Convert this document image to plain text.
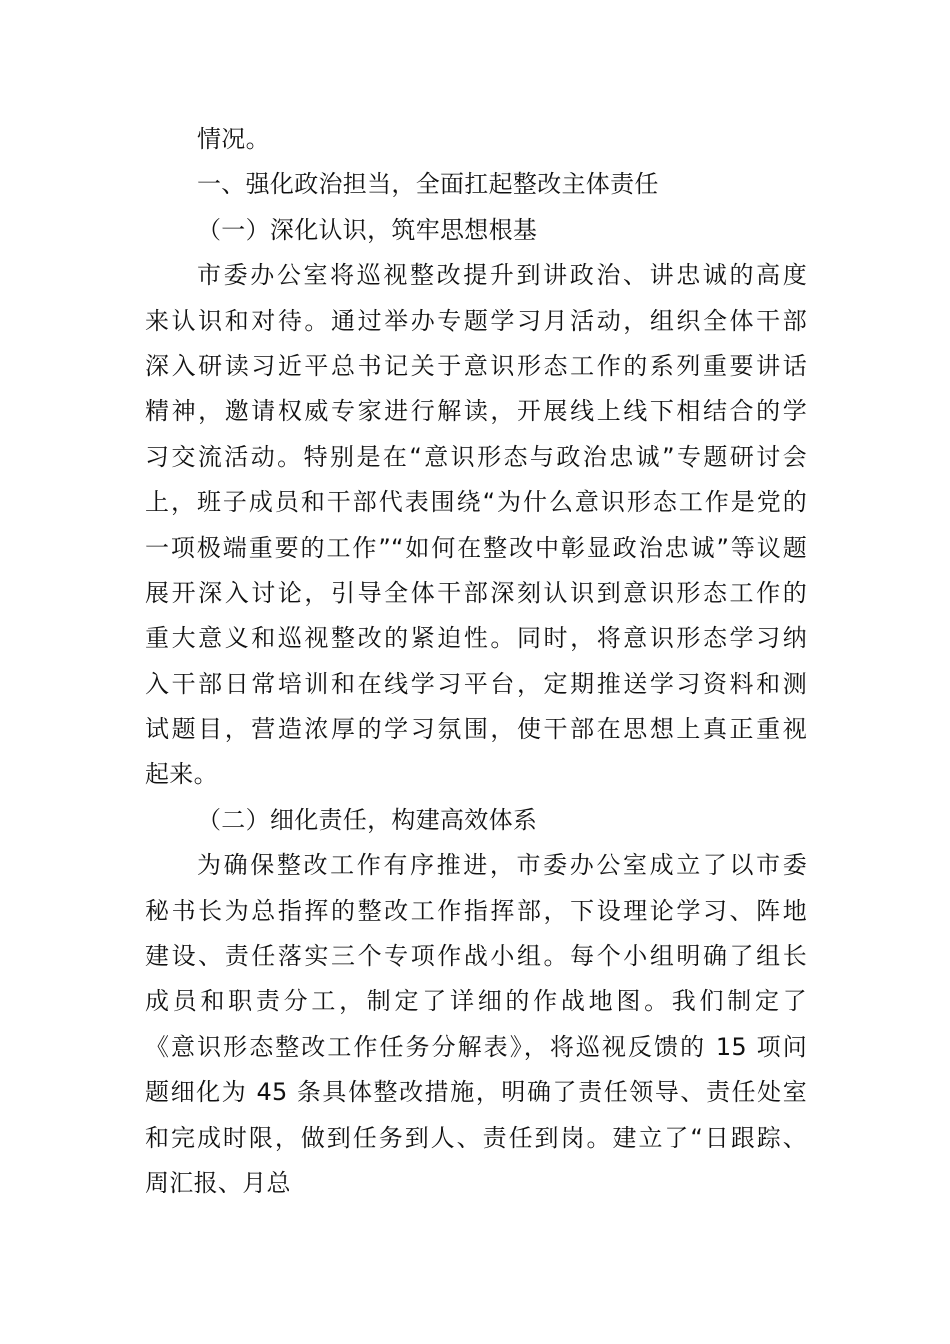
情况。
一、强化政治担当，全面扛起整改主体责任
（一）深化认识，筑牢思想根基
市委办公室将巡视整改提升到讲政治、讲忠诚的高度
来认识和对待。通过举办专题学习月活动，组织全体干部
深入研读习近平总书记关于意识形态工作的系列重要讲话
精神，邀请权威专家进行解读，开展线上线下相结合的学
习交流活动。特别是在“意识形态与政治忠诚”专题研讨会
上，班子成员和干部代表围绕“为什么意识形态工作是党的
一项极端重要的工作”“如何在整改中彰显政治忠诚”等议题
展开深入讨论，引导全体干部深刻认识到意识形态工作的
重大意义和巡视整改的紧迫性。同时，将意识形态学习纳
入干部日常培训和在线学习平台，定期推送学习资料和测
试题目，营造浓厚的学习氛围，使干部在思想上真正重视
起来。
（二）细化责任，构建高效体系
为确保整改工作有序推进，市委办公室成立了以市委
秘书长为总指挥的整改工作指挥部，下设理论学习、阵地
建设、责任落实三个专项作战小组。每个小组明确了组长
成员和职责分工，制定了详细的作战地图。我们制定了
《意识形态整改工作任务分解表》，将巡视反馈的 15 项问
题细化为 45 条具体整改措施，明确了责任领导、责任处室
和完成时限，做到任务到人、责任到岗。建立了“日跟踪、
周汇报、月总
